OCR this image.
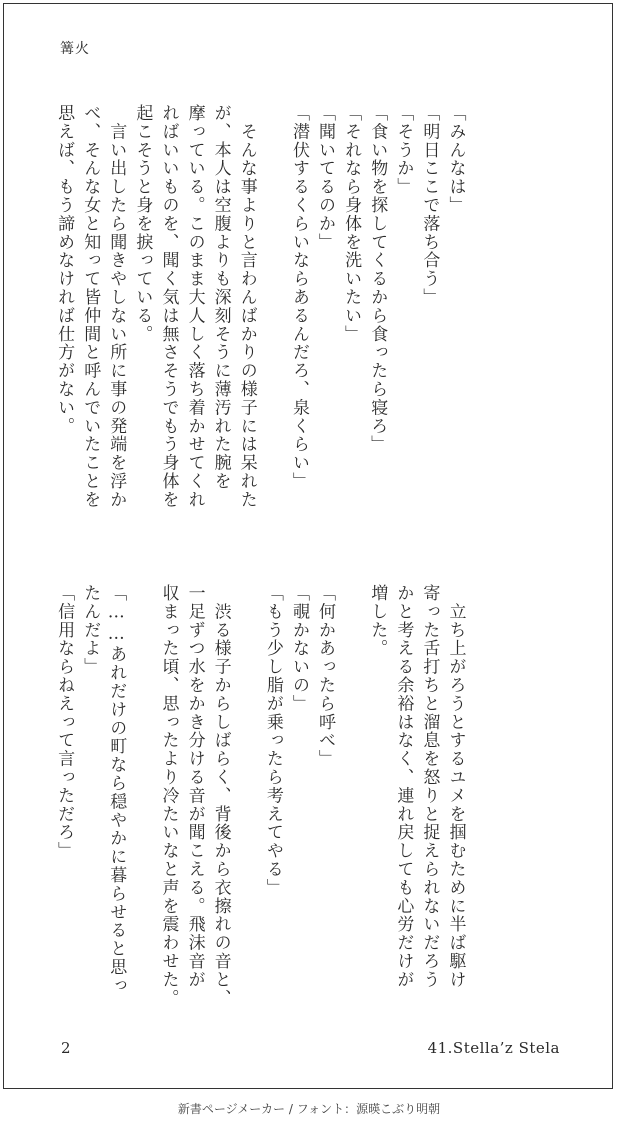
篝火
「みんなは」
「明日ここで落ち合う」
「そうか」
「食い物を探してくるから食ったら寝ろ」
「それなら身体を洗いたい」
「聞いてるのか」
「潜伏するくらいならあるんだろ、泉くらい」
　そんな事よりと言わんばかりの様子には呆れた
が、本人は空腹よりも深刻そうに薄汚れた腕を
摩っている。このまま大人しく落ち着かせてくれ
ればいいものを、聞く気は無さそうでもう身体を
起こそうと身を捩っている。
　言い出したら聞きやしない所に事の発端を浮か
べ、そんな女と知って皆仲間と呼んでいたことを
思えば、もう諦めなければ仕方がない。
　立ち上がろうとするユメを掴むために半ば駆け
寄った舌打ちと溜息を怒りと捉えられないだろう
かと考える余裕はなく、連れ戻しても心労だけが
増した。
「何かあったら呼べ」
「覗かないの」
「もう少し脂が乗ったら考えてやる」
　渋る様子からしばらく、背後から衣擦れの音と、
一足ずつ水をかき分ける音が聞こえる。飛沫音が
収まった頃、思ったより冷たいなと声を震わせた。
「……あれだけの町なら穏やかに暮らせると思っ
たんだよ」
「信用ならねえって言っただろ」
2	41.Stella’z Stela
新書ページメーカー / フォント：源暎こぶり明朝
